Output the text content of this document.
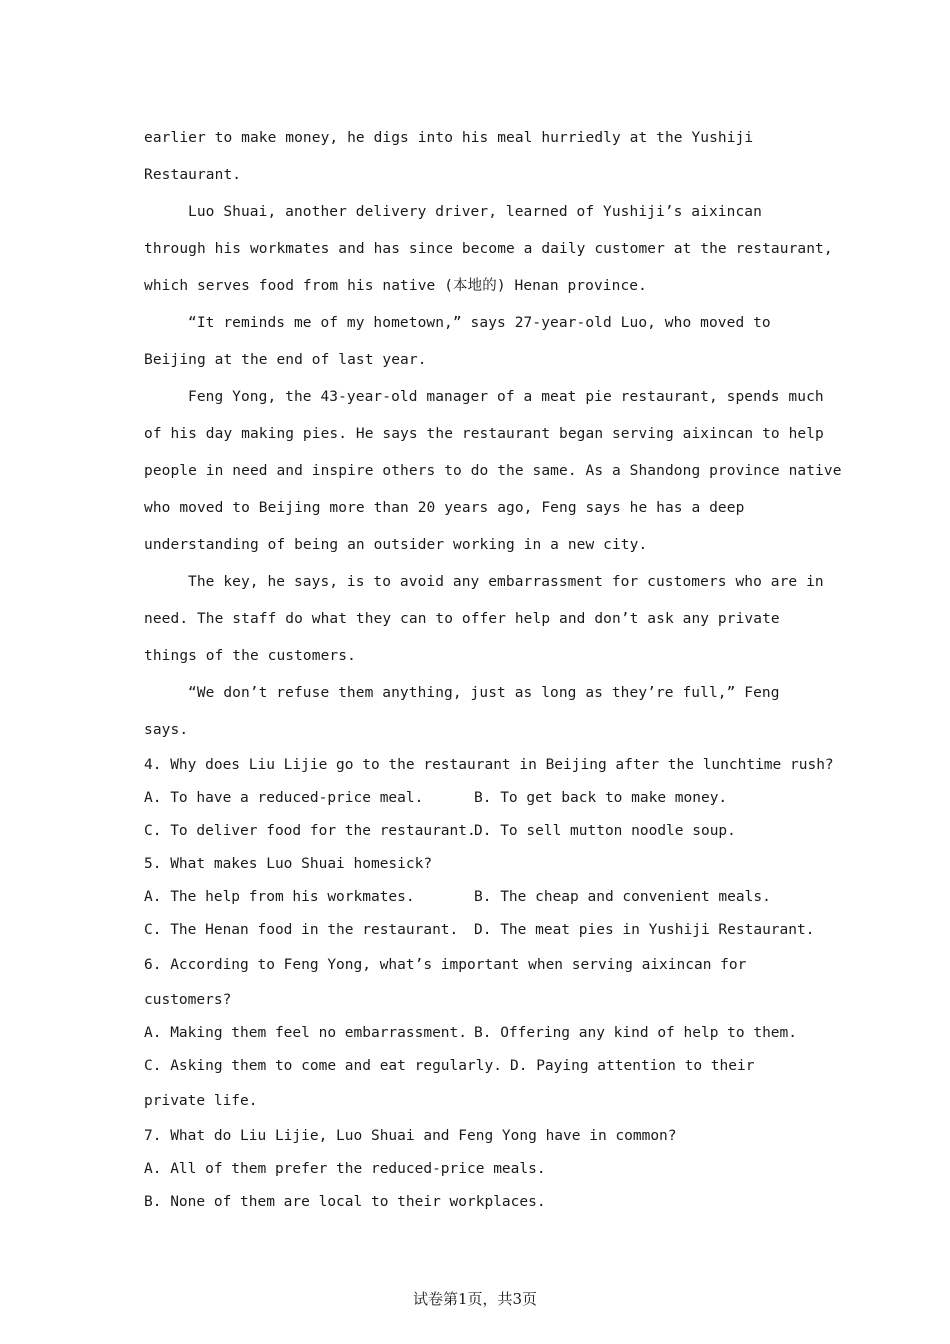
earlier to make money, he digs into his meal hurriedly at the Yushiji

Restaurant.

Luo Shuai, another delivery driver, learned of Yushiji’s aixincan

through his workmates and has since become a daily customer at the restaurant,

which serves food from his native (本地的) Henan province.

“It reminds me of my hometown,” says 27-year-old Luo, who moved to

Beijing at the end of last year.

Feng Yong, the 43-year-old manager of a meat pie restaurant, spends much

of his day making pies. He says the restaurant began serving aixincan to help

people in need and inspire others to do the same. As a Shandong province native

who moved to Beijing more than 20 years ago, Feng says he has a deep

understanding of being an outsider working in a new city.

The key, he says, is to avoid any embarrassment for customers who are in

need. The staff do what they can to offer help and don’t ask any private

things of the customers.

“We don’t refuse them anything, just as long as they’re full,” Feng

says.

4. Why does Liu Lijie go to the restaurant in Beijing after the lunchtime rush?
A. To have a reduced-price meal.	B. To get back to make money.
C. To deliver food for the restaurant.
D. To sell mutton noodle soup.
5. What makes Luo Shuai homesick?
A. The help from his workmates.	B. The cheap and convenient meals.
C. The Henan food in the restaurant.	D. The meat pies in Yushiji Restaurant.
6. According to Feng Yong, what’s important when serving aixincan for
customers?
A. Making them feel no embarrassment. B. Offering any kind of help to them.
C. Asking them to come and eat regularly. D. Paying attention to their
private life.
7. What do Liu Lijie, Luo Shuai and Feng Yong have in common?
A. All of them prefer the reduced-price meals.
B. None of them are local to their workplaces.
试卷第1页，共3页
